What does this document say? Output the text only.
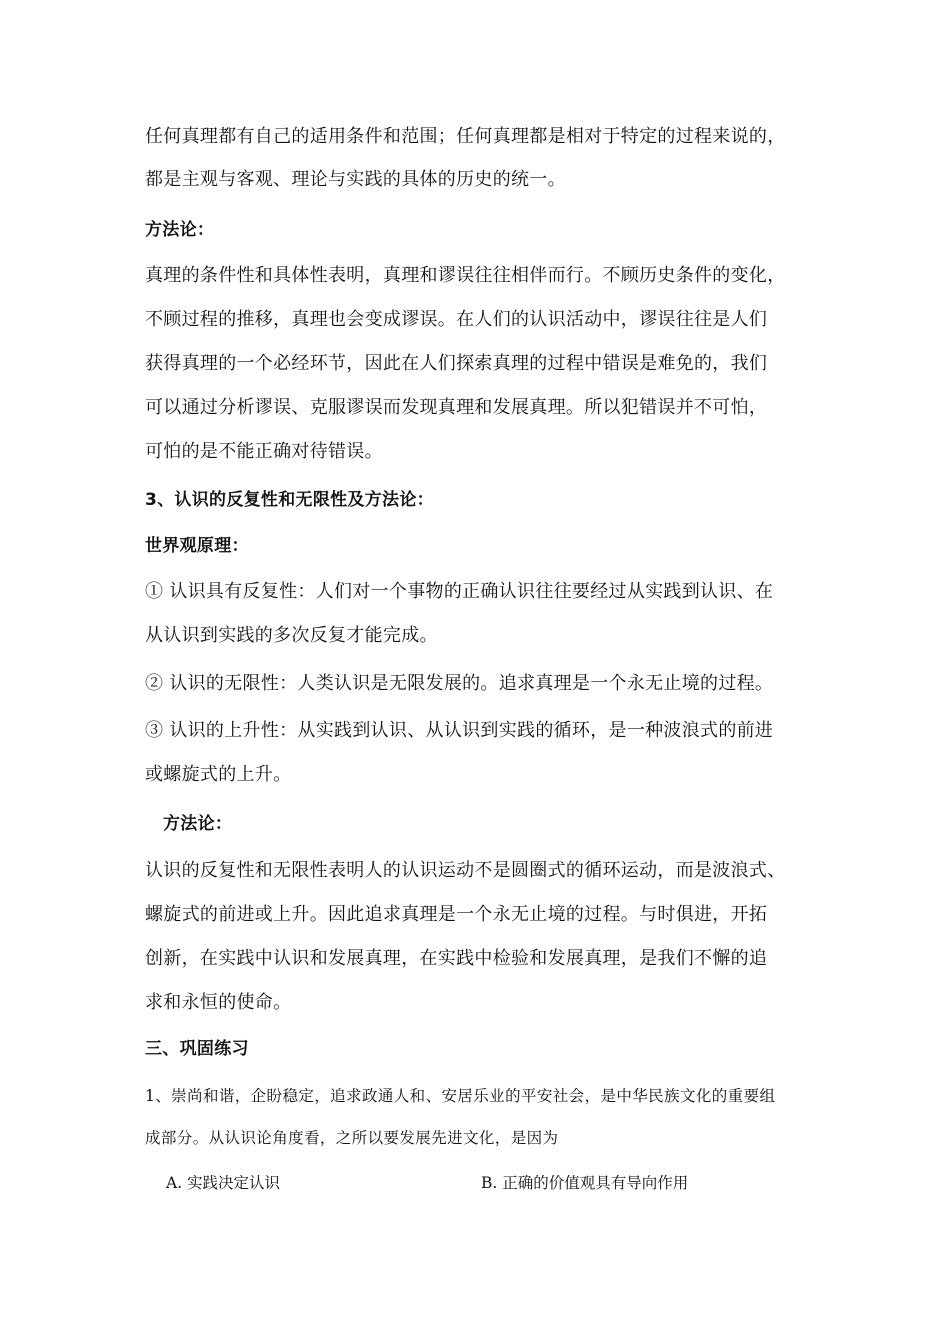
任何真理都有自己的适用条件和范围；任何真理都是相对于特定的过程来说的，
都是主观与客观、理论与实践的具体的历史的统一。
方法论：
真理的条件性和具体性表明，真理和谬误往往相伴而行。不顾历史条件的变化，
不顾过程的推移，真理也会变成谬误。在人们的认识活动中，谬误往往是人们
获得真理的一个必经环节，因此在人们探索真理的过程中错误是难免的，我们
可以通过分析谬误、克服谬误而发现真理和发展真理。所以犯错误并不可怕，
可怕的是不能正确对待错误。
3、认识的反复性和无限性及方法论：
世界观原理：
① 认识具有反复性：人们对一个事物的正确认识往往要经过从实践到认识、在
从认识到实践的多次反复才能完成。
② 认识的无限性：人类认识是无限发展的。追求真理是一个永无止境的过程。
③ 认识的上升性：从实践到认识、从认识到实践的循环，是一种波浪式的前进
或螺旋式的上升。
方法论：
认识的反复性和无限性表明人的认识运动不是圆圈式的循环运动，而是波浪式、
螺旋式的前进或上升。因此追求真理是一个永无止境的过程。与时俱进，开拓
创新，在实践中认识和发展真理，在实践中检验和发展真理，是我们不懈的追
求和永恒的使命。
三、巩固练习
1、崇尚和谐，企盼稳定，追求政通人和、安居乐业的平安社会，是中华民族文化的重要组
成部分。从认识论角度看，之所以要发展先进文化，是因为
A. 实践决定认识	B. 正确的价值观具有导向作用
